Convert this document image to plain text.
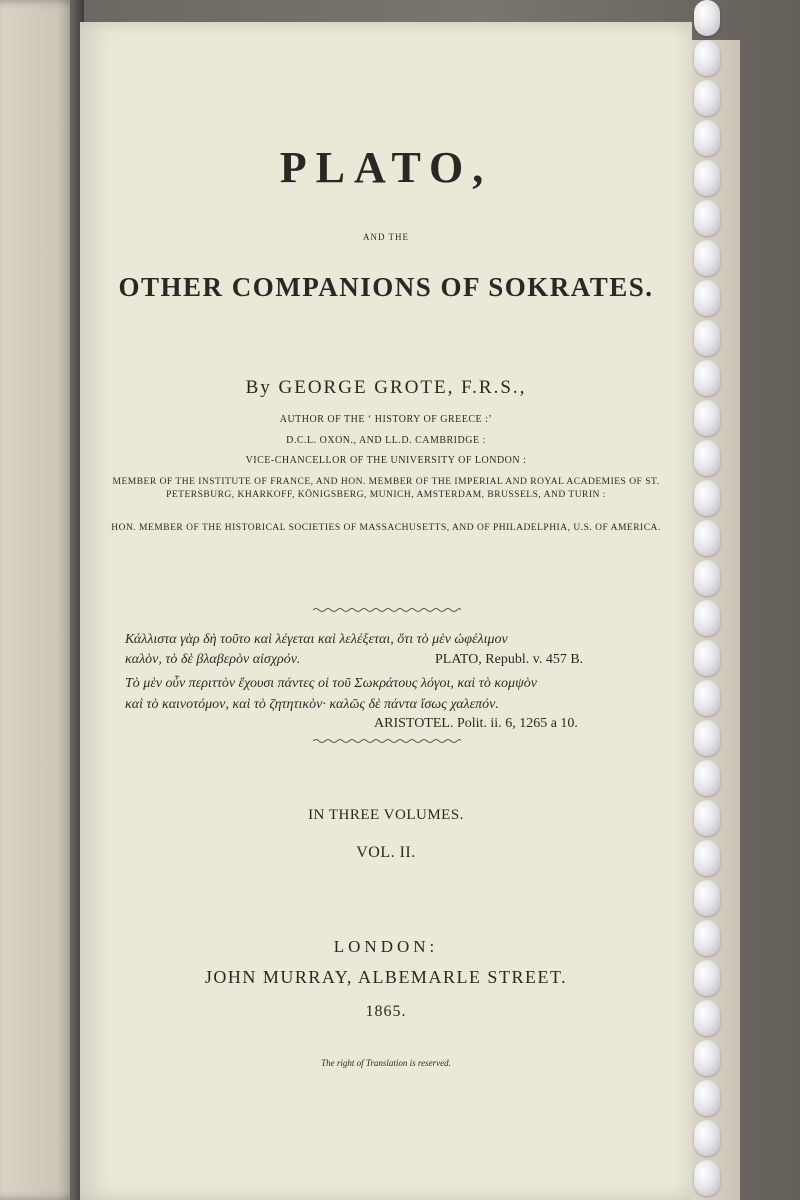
PLATO,

AND THE

OTHER COMPANIONS OF SOKRATES.

By GEORGE GROTE, F.R.S.,

AUTHOR OF THE ‘ HISTORY OF GREECE :’

D.C.L. OXON., AND LL.D. CAMBRIDGE :

VICE-CHANCELLOR OF THE UNIVERSITY OF LONDON :

MEMBER OF THE INSTITUTE OF FRANCE, AND HON. MEMBER OF THE IMPERIAL AND ROYAL ACADEMIES OF ST. PETERSBURG, KHARKOFF, KÖNIGSBERG, MUNICH, AMSTERDAM, BRUSSELS, AND TURIN :

HON. MEMBER OF THE HISTORICAL SOCIETIES OF MASSACHUSETTS, AND OF PHILADELPHIA, U.S. OF AMERICA.

Κάλλιστα γὰρ δὴ τοῦτο καὶ λέγεται καὶ λελέξεται, ὅτι τὸ μὲν ὠφέλιμον

καλὸν, τὸ δὲ βλαβερὸν αἰσχρόν.	PLATO, Republ. v. 457 B.

Τὸ μὲν οὖν περιττὸν ἔχουσι πάντες οἱ τοῦ Σωκράτους λόγοι, καὶ τὸ κομψὸν

καὶ τὸ καινοτόμον, καὶ τὸ ζητητικὸν· καλῶς δὲ πάντα ἴσως χαλεπόν.

ARISTOTEL. Polit. ii. 6, 1265 a 10.

IN THREE VOLUMES.

VOL. II.

LONDON:

JOHN MURRAY, ALBEMARLE STREET.

1865.

The right of Translation is reserved.
